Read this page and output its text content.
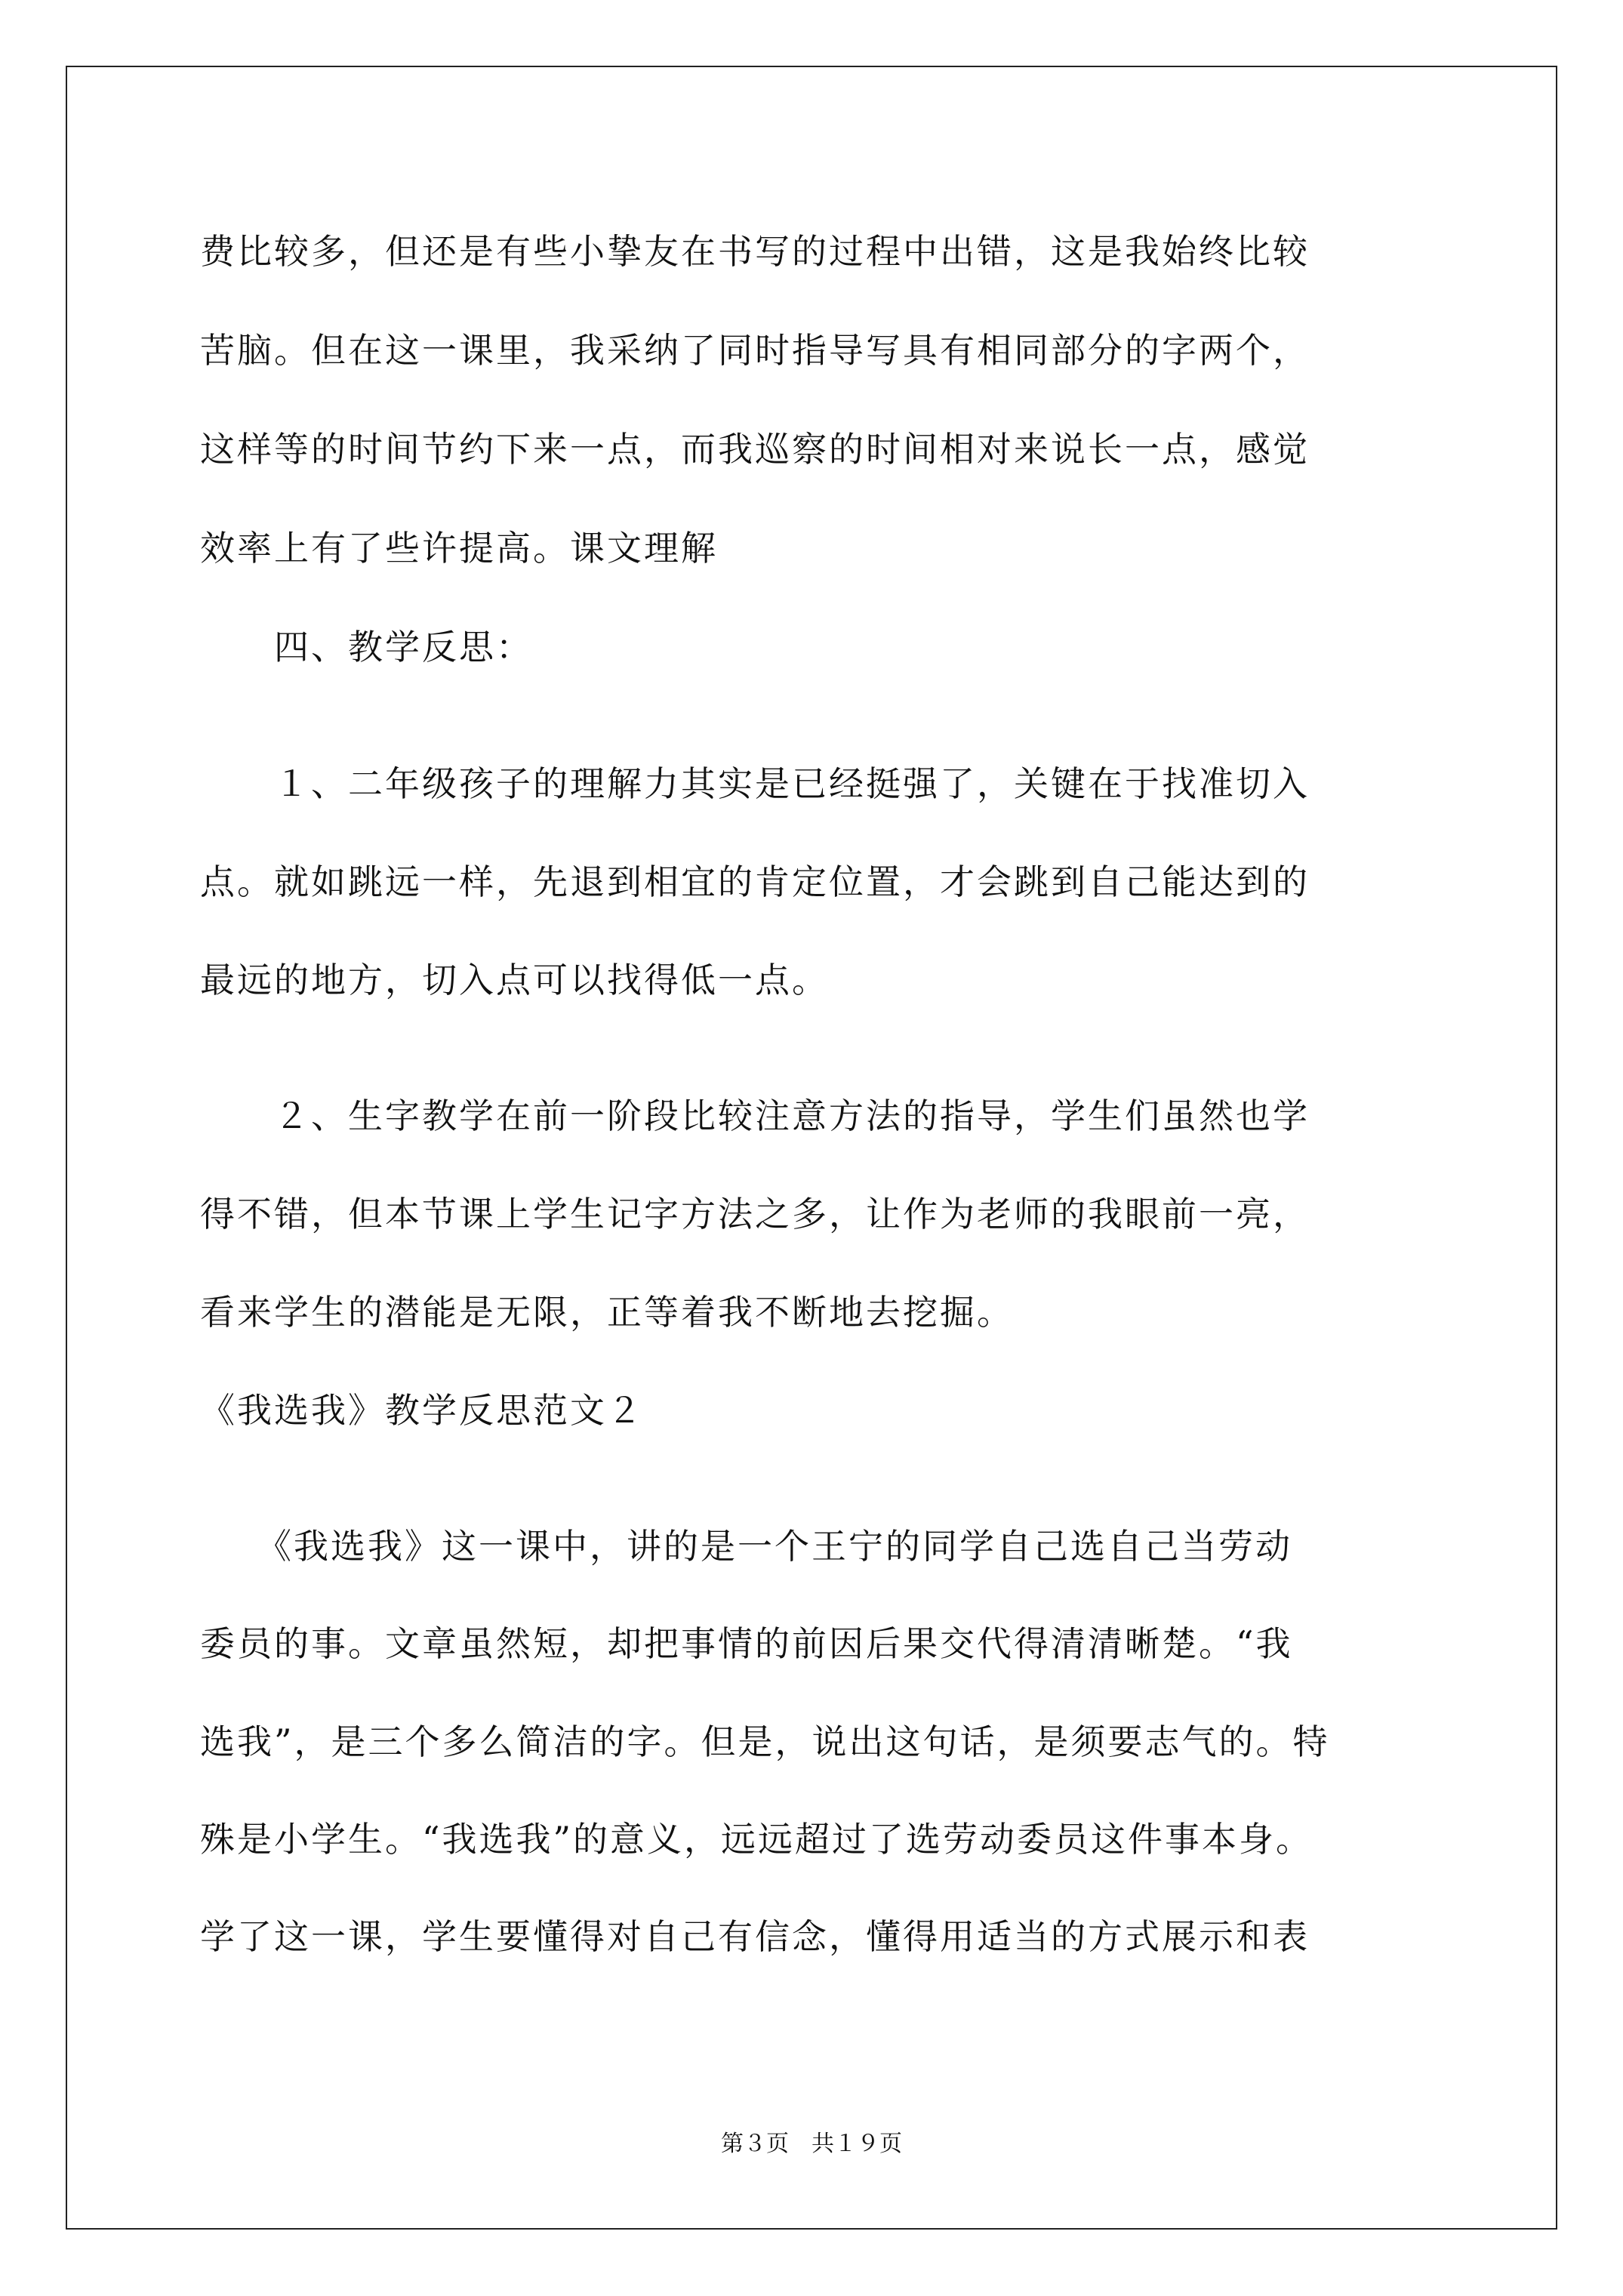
费比较多，但还是有些小挚友在书写的过程中出错，这是我始终比较
苦脑。但在这一课里，我采纳了同时指导写具有相同部分的字两个，
这样等的时间节约下来一点，而我巡察的时间相对来说长一点，感觉
效率上有了些许提高。课文理解
　　四、教学反思：
　　１、二年级孩子的理解力其实是已经挺强了，关键在于找准切入
点。就如跳远一样，先退到相宜的肯定位置，才会跳到自己能达到的
最远的地方，切入点可以找得低一点。
　　２、生字教学在前一阶段比较注意方法的指导，学生们虽然也学
得不错，但本节课上学生记字方法之多，让作为老师的我眼前一亮，
看来学生的潜能是无限，正等着我不断地去挖掘。
《我选我》教学反思范文２
　　《我选我》这一课中，讲的是一个王宁的同学自己选自己当劳动
委员的事。文章虽然短，却把事情的前因后果交代得清清晰楚。“我
选我”，是三个多么简洁的字。但是，说出这句话，是须要志气的。特
殊是小学生。“我选我”的意义，远远超过了选劳动委员这件事本身。
学了这一课，学生要懂得对自己有信念，懂得用适当的方式展示和表
第３页　共１９页
